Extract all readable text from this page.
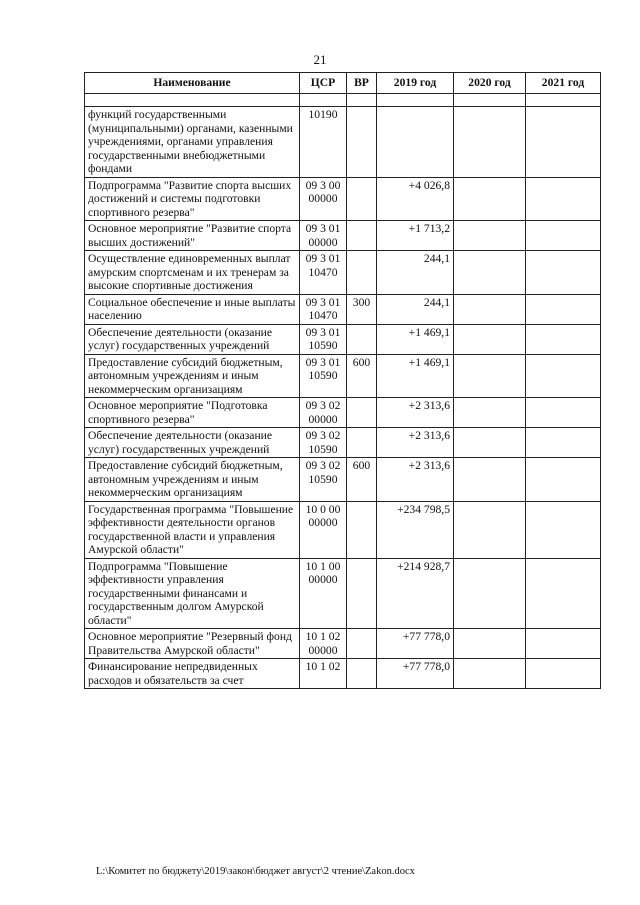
21
Наименование	ЦСР	ВР	2019 год	2020 год	2021 год

функций государственными (муниципальными) органами, казенными учреждениями, органами управления государственными внебюджетными фондами	10190				
Подпрограмма "Развитие спорта высших достижений и системы подготовки спортивного резерва"	09 3 00 00000		+4 026,8		
Основное мероприятие "Развитие спорта высших достижений"	09 3 01 00000		+1 713,2		
Осуществление единовременных выплат амурским спортсменам и их тренерам за высокие спортивные достижения	09 3 01 10470		244,1		
Социальное обеспечение и иные выплаты населению	09 3 01 10470	300	244,1		
Обеспечение деятельности (оказание услуг) государственных учреждений	09 3 01 10590		+1 469,1		
Предоставление субсидий бюджетным, автономным учреждениям и иным некоммерческим организациям	09 3 01 10590	600	+1 469,1		
Основное мероприятие "Подготовка спортивного резерва"	09 3 02 00000		+2 313,6		
Обеспечение деятельности (оказание услуг) государственных учреждений	09 3 02 10590		+2 313,6		
Предоставление субсидий бюджетным, автономным учреждениям и иным некоммерческим организациям	09 3 02 10590	600	+2 313,6		
Государственная программа "Повышение эффективности деятельности органов государственной власти и управления Амурской области"	10 0 00 00000		+234 798,5		
Подпрограмма "Повышение эффективности управления государственными финансами и государственным долгом Амурской области"	10 1 00 00000		+214 928,7		
Основное мероприятие "Резервный фонд Правительства Амурской области"	10 1 02 00000		+77 778,0		
Финансирование непредвиденных расходов и обязательств за счет	10 1 02		+77 778,0		
L:\Комитет по бюджету\2019\закон\бюджет август\2 чтение\Zakon.docx
